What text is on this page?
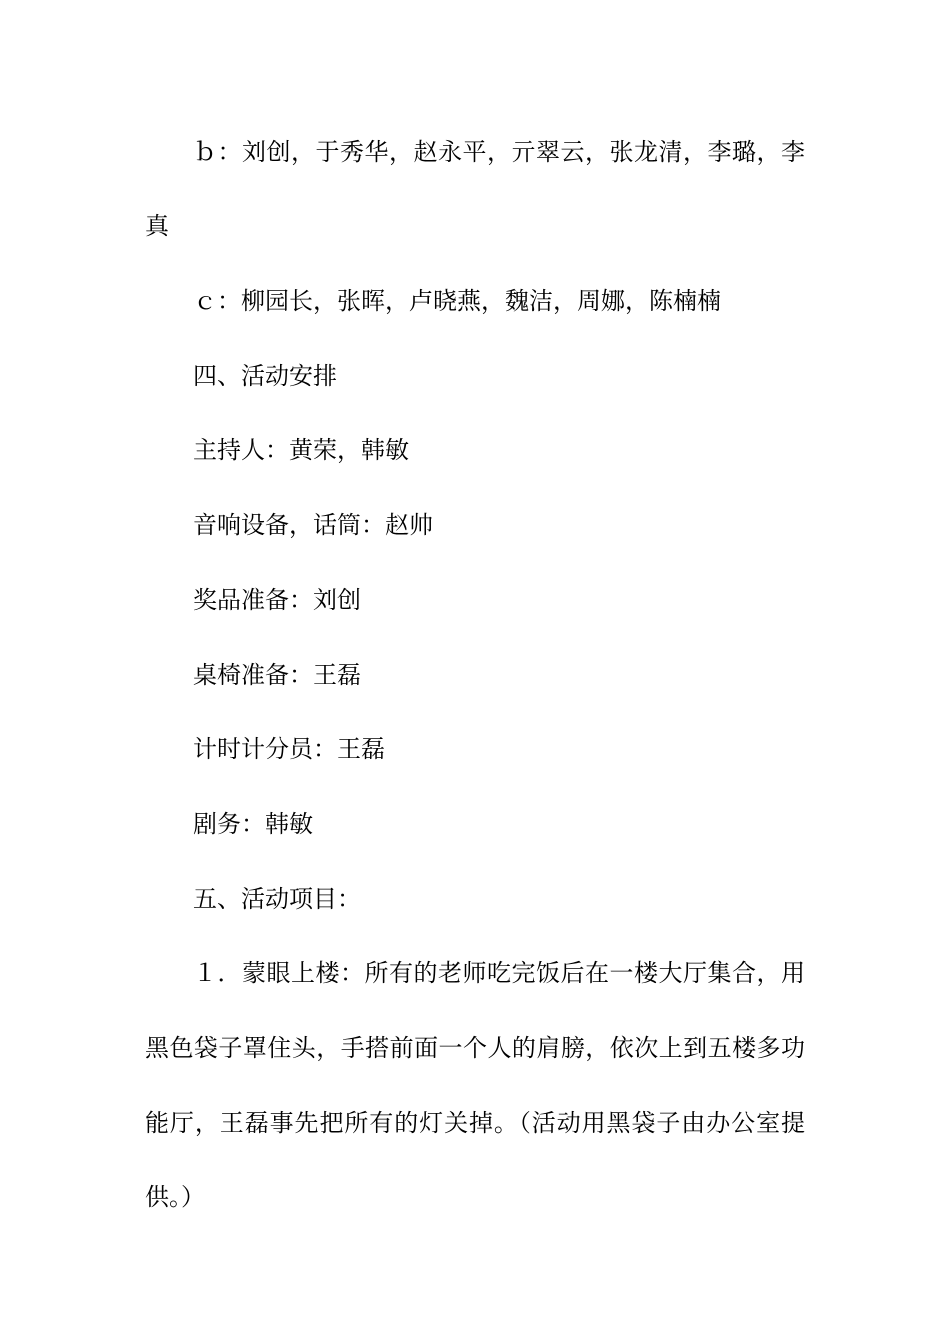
ｂ：刘创，于秀华，赵永平，亓翠云，张龙清，李璐，李
真
ｃ：柳园长，张晖，卢晓燕，魏洁，周娜，陈楠楠
四、活动安排
主持人：黄荣，韩敏
音响设备，话筒：赵帅
奖品准备：刘创
桌椅准备：王磊
计时计分员：王磊
剧务：韩敏
五、活动项目：
１．蒙眼上楼：所有的老师吃完饭后在一楼大厅集合，用
黑色袋子罩住头，手搭前面一个人的肩膀，依次上到五楼多功
能厅，王磊事先把所有的灯关掉。（活动用黑袋子由办公室提
供。）
